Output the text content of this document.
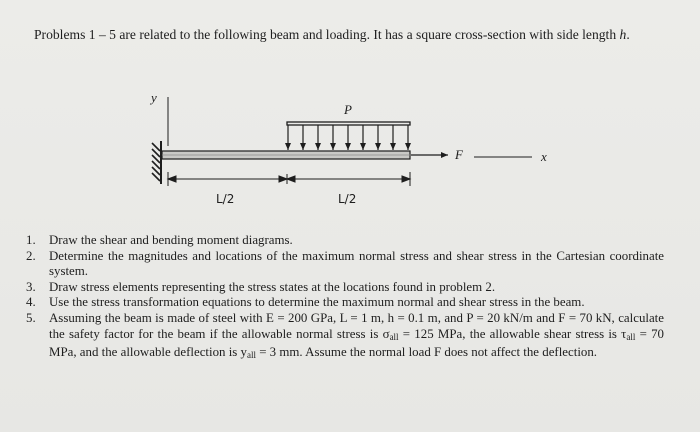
Problems 1 – 5 are related to the following beam and loading. It has a square cross-section with side length h.
y
P
F	x
L/2	L/2
1.	Draw the shear and bending moment diagrams.
2.	Determine the magnitudes and locations of the maximum normal stress and shear stress in the Cartesian coordinate system.
3.	Draw stress elements representing the stress states at the locations found in problem 2.
4.	Use the stress transformation equations to determine the maximum normal and shear stress in the beam.
5.	Assuming the beam is made of steel with E = 200 GPa, L = 1 m, h = 0.1 m, and P = 20 kN/m and F = 70 kN, calculate the safety factor for the beam if the allowable normal stress is $\sigma_{all} = 125$ MPa, the allowable shear stress is $\tau_{all} = 70$ MPa, and the allowable deflection is $y_{all} = 3$ mm. Assume the normal load F does not affect the deflection.
